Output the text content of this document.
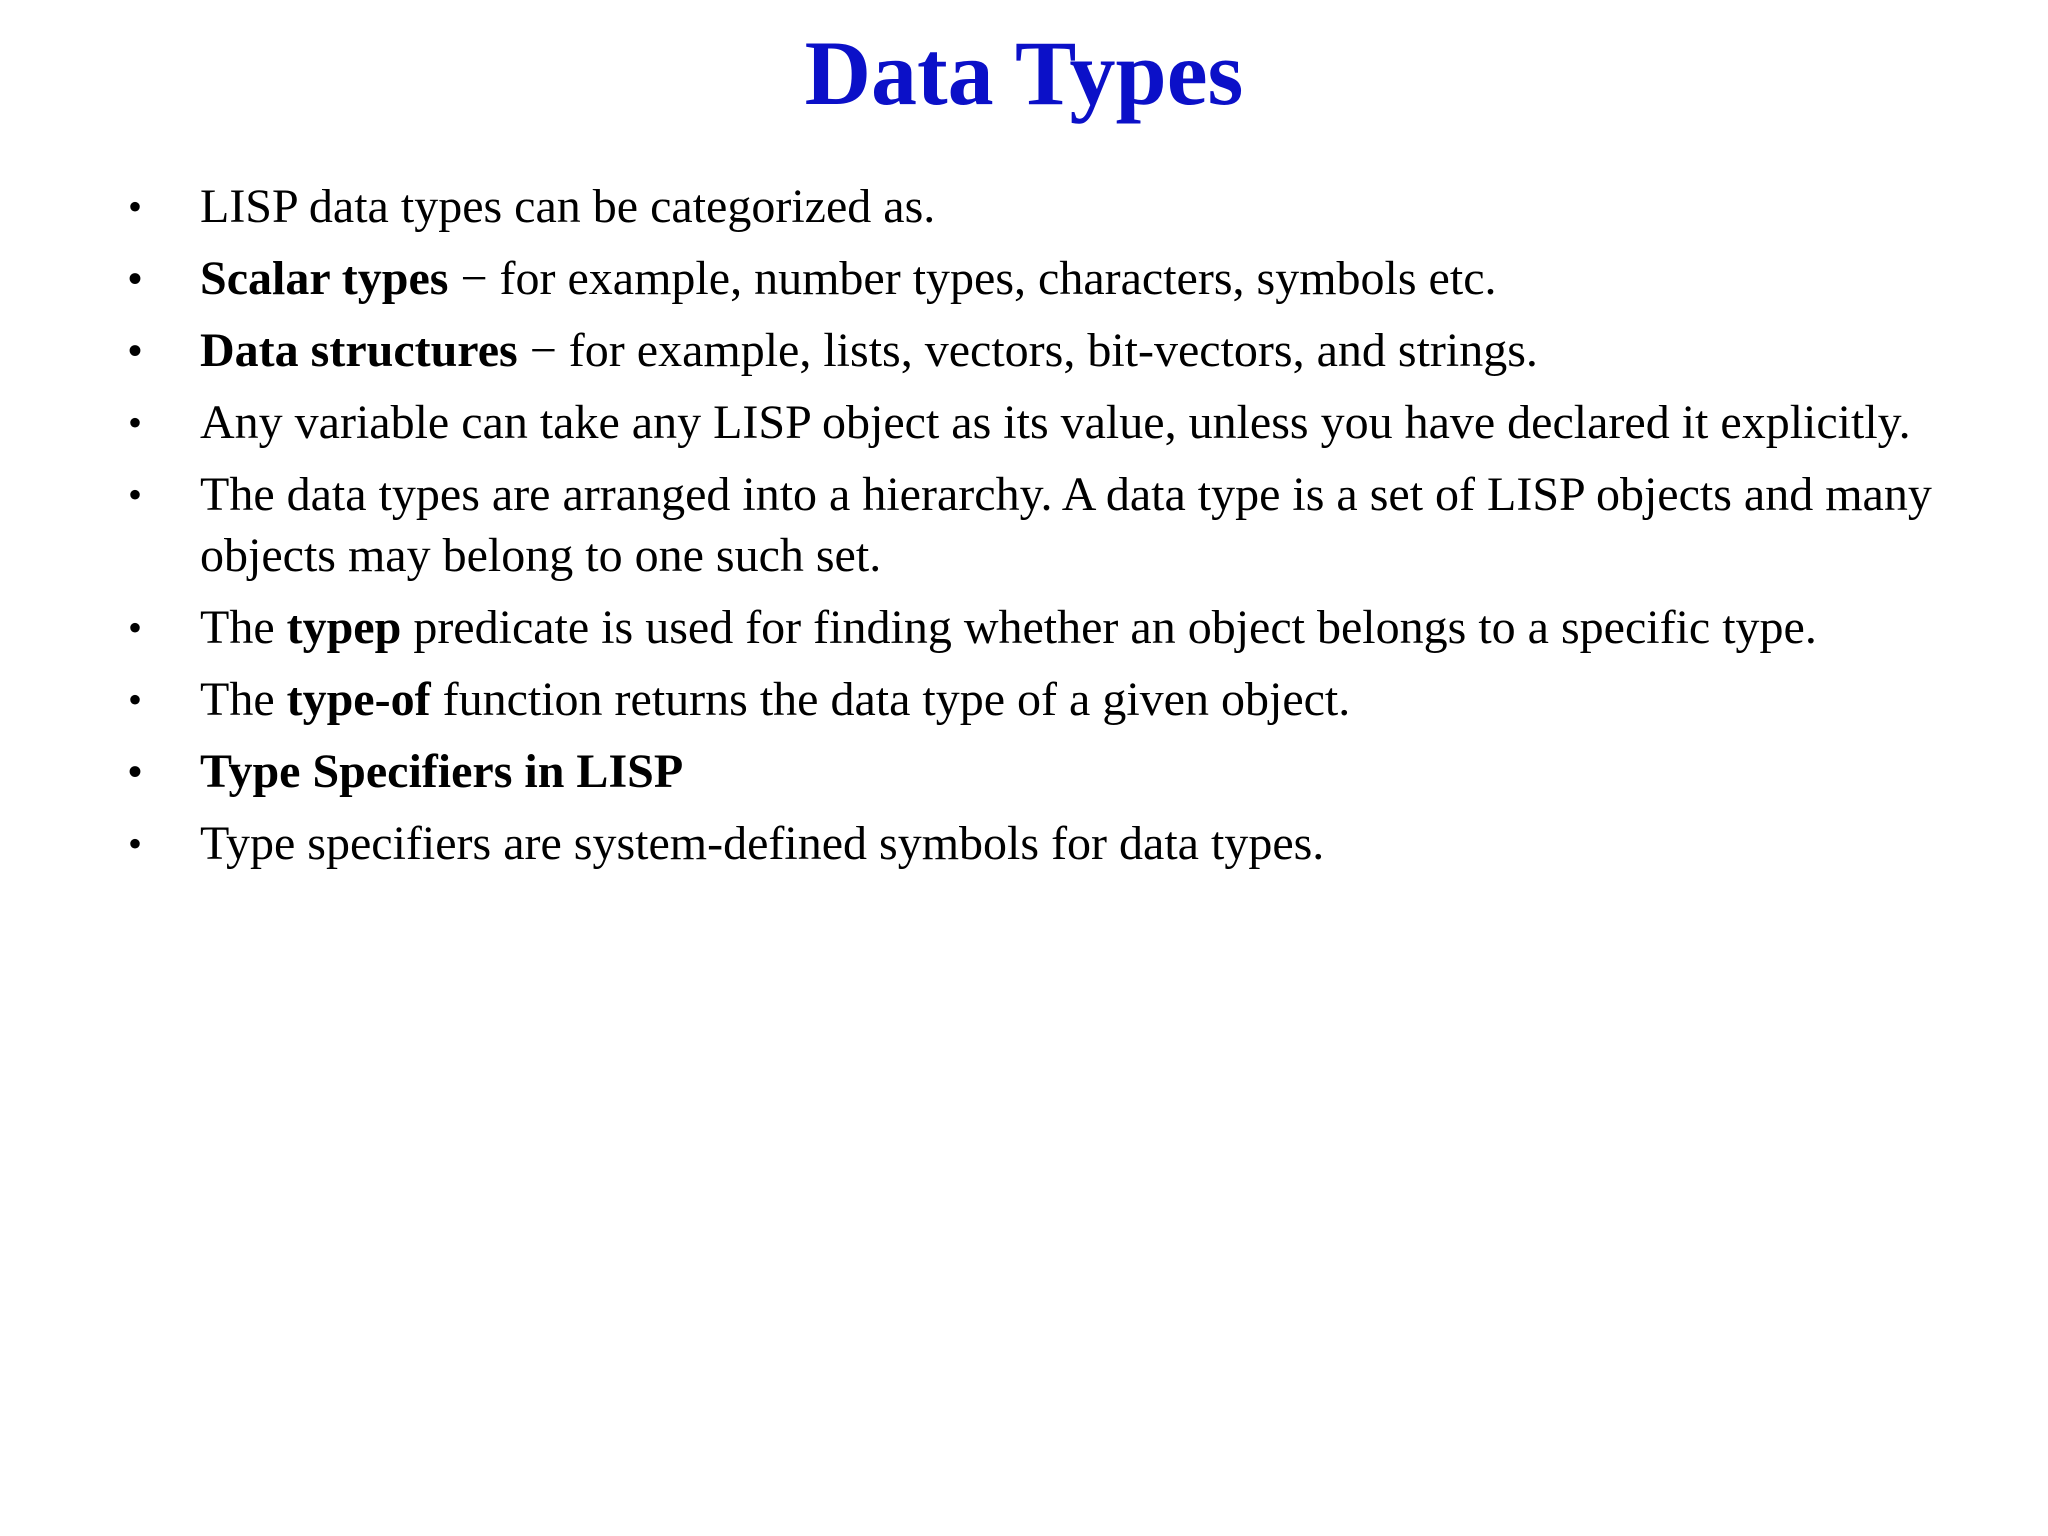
Data Types
•	LISP data types can be categorized as.
•	Scalar types − for example, number types, characters, symbols etc.
•	Data structures − for example, lists, vectors, bit-vectors, and strings.
•	Any variable can take any LISP object as its value, unless you have declared it explicitly.
•	The data types are arranged into a hierarchy. A data type is a set of LISP objects and many objects may belong to one such set.
•	The typep predicate is used for finding whether an object belongs to a specific type.
•	The type-of function returns the data type of a given object.
•	Type Specifiers in LISP
•	Type specifiers are system-defined symbols for data types.
